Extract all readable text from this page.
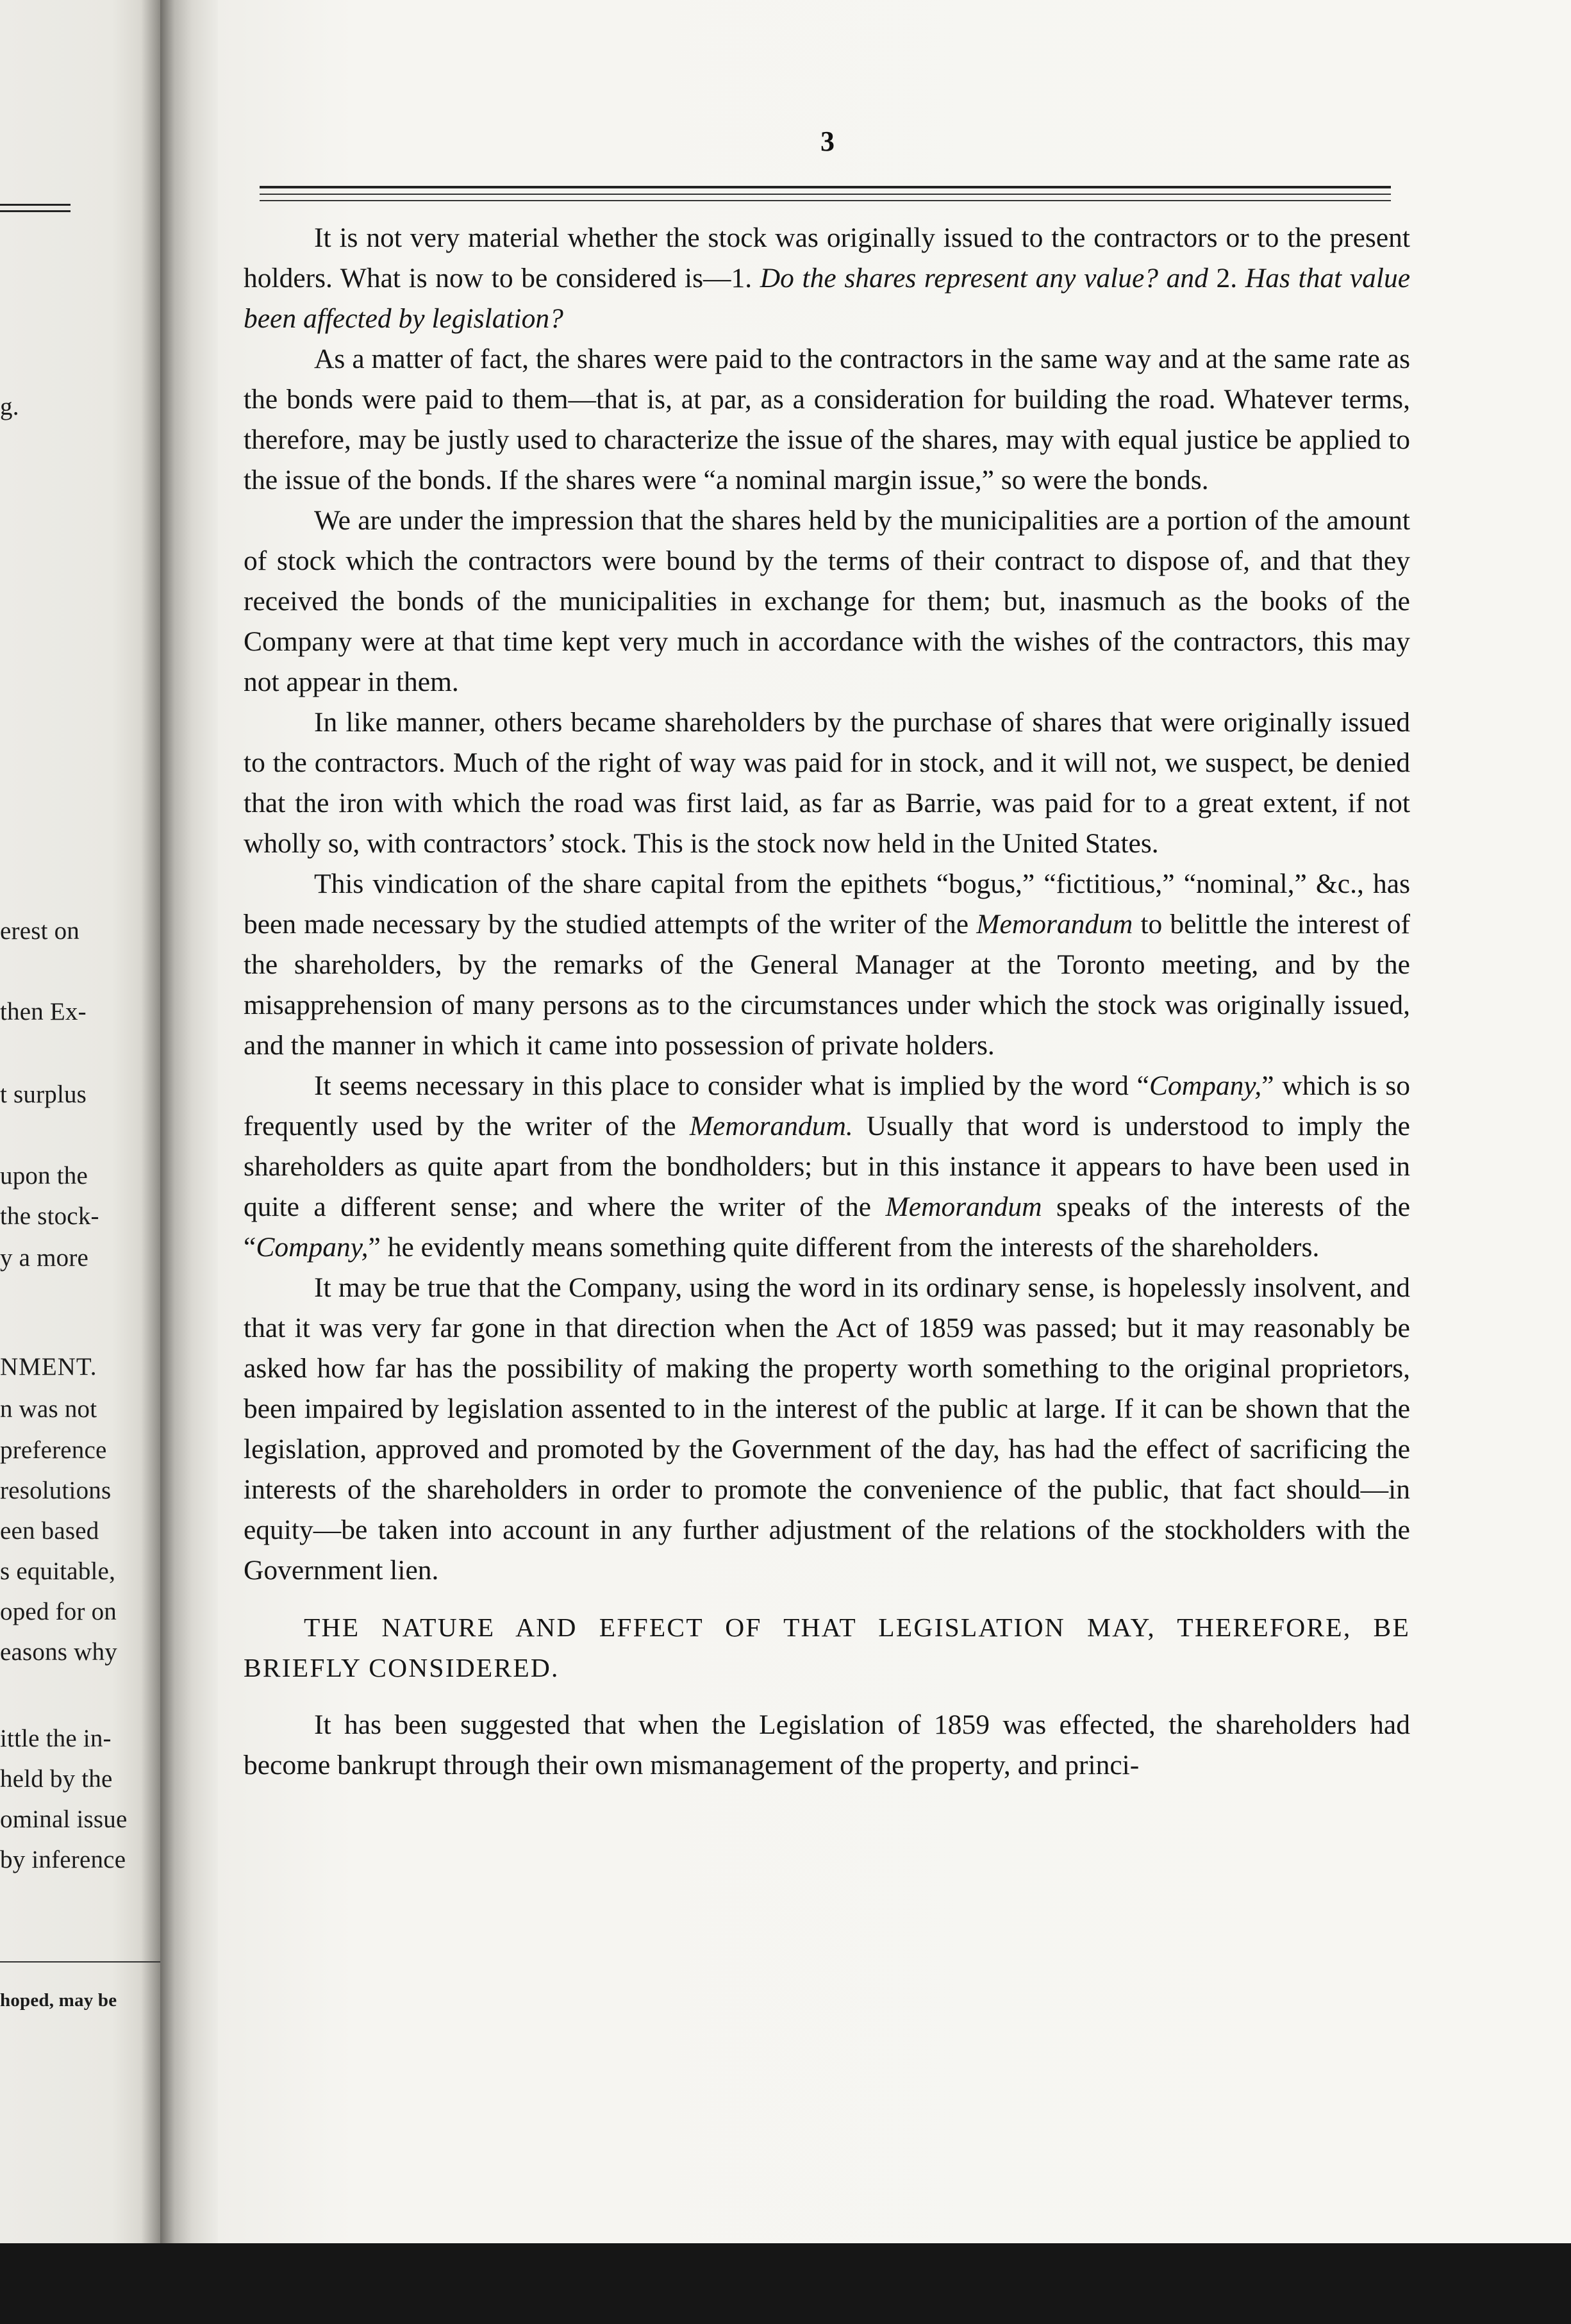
g.
erest on
then Ex-
t surplus
upon the
the stock-
y a more
NMENT.
n was not
preference
resolutions
een based
s equitable,
oped for on
easons why
ittle the in-
held by the
ominal issue
by inference
hoped, may be
3

It is not very material whether the stock was originally issued to the contractors or to the present holders. What is now to be considered is—1. Do the shares represent any value? and 2. Has that value been affected by legislation?

As a matter of fact, the shares were paid to the contractors in the same way and at the same rate as the bonds were paid to them—that is, at par, as a consideration for building the road. Whatever terms, therefore, may be justly used to characterize the issue of the shares, may with equal justice be applied to the issue of the bonds. If the shares were “a nominal margin issue,” so were the bonds.

We are under the impression that the shares held by the municipalities are a portion of the amount of stock which the contractors were bound by the terms of their contract to dispose of, and that they received the bonds of the municipalities in exchange for them; but, inasmuch as the books of the Company were at that time kept very much in accordance with the wishes of the contractors, this may not appear in them.

In like manner, others became shareholders by the purchase of shares that were originally issued to the contractors. Much of the right of way was paid for in stock, and it will not, we suspect, be denied that the iron with which the road was first laid, as far as Barrie, was paid for to a great extent, if not wholly so, with contractors’ stock. This is the stock now held in the United States.

This vindication of the share capital from the epithets “bogus,” “fictitious,” “nominal,” &c., has been made necessary by the studied attempts of the writer of the Memorandum to belittle the interest of the shareholders, by the remarks of the General Manager at the Toronto meeting, and by the misapprehension of many persons as to the circumstances under which the stock was originally issued, and the manner in which it came into possession of private holders.

It seems necessary in this place to consider what is implied by the word “Company,” which is so frequently used by the writer of the Memorandum. Usually that word is understood to imply the shareholders as quite apart from the bondholders; but in this instance it appears to have been used in quite a different sense; and where the writer of the Memorandum speaks of the interests of the “Company,” he evidently means something quite different from the interests of the shareholders.

It may be true that the Company, using the word in its ordinary sense, is hopelessly insolvent, and that it was very far gone in that direction when the Act of 1859 was passed; but it may reasonably be asked how far has the possibility of making the property worth something to the original proprietors, been impaired by legislation assented to in the interest of the public at large. If it can be shown that the legislation, approved and promoted by the Government of the day, has had the effect of sacrificing the interests of the shareholders in order to promote the convenience of the public, that fact should—in equity—be taken into account in any further adjustment of the relations of the stockholders with the Government lien.

THE NATURE AND EFFECT OF THAT LEGISLATION MAY, THEREFORE, BE BRIEFLY CONSIDERED.

It has been suggested that when the Legislation of 1859 was effected, the shareholders had become bankrupt through their own mismanagement of the property, and princi-
